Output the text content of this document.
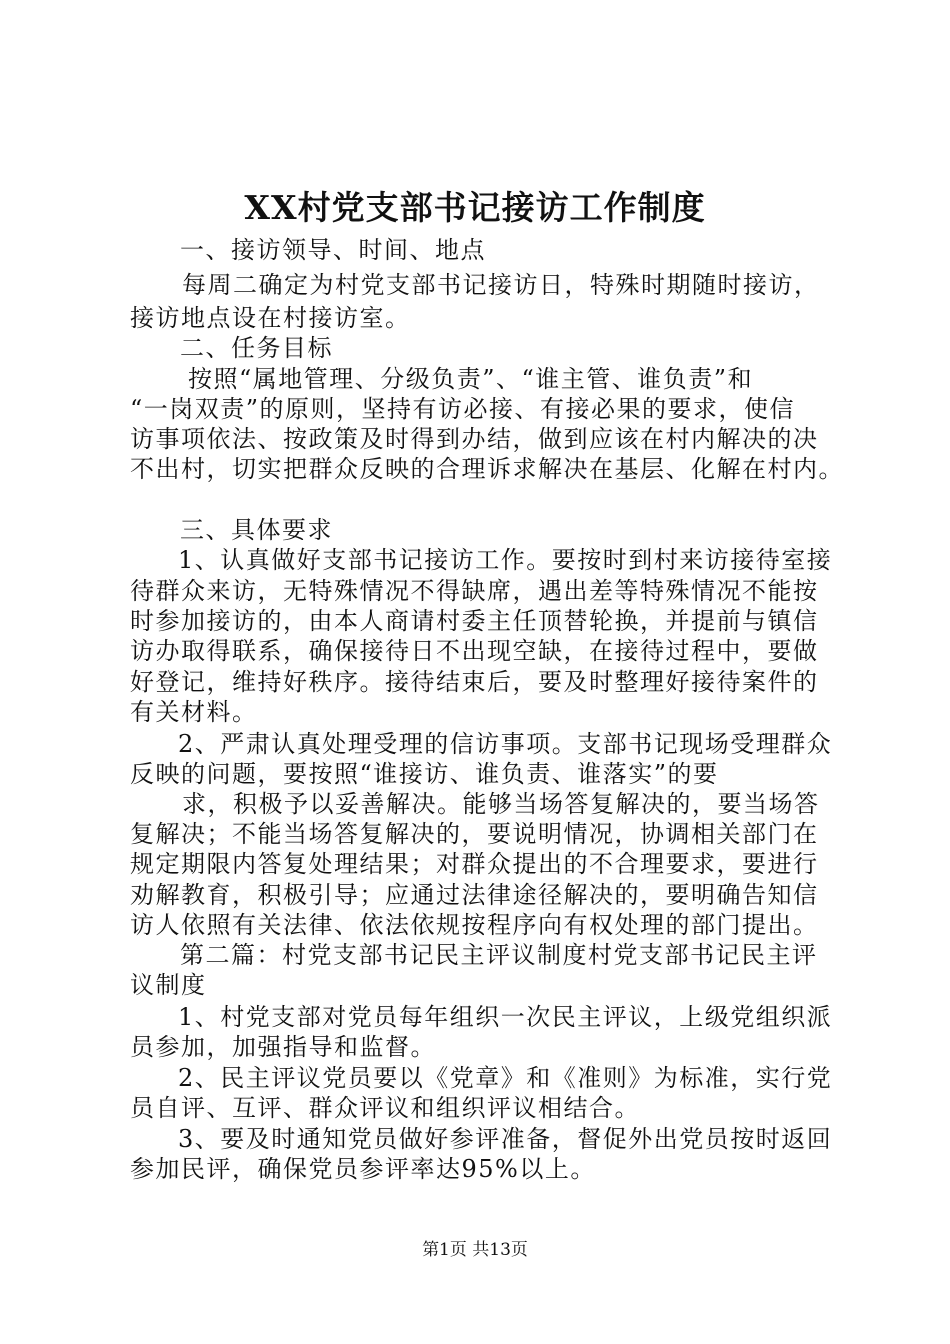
XX村党支部书记接访工作制度
一、接访领导、时间、地点
每周二确定为村党支部书记接访日，特殊时期随时接访，
接访地点设在村接访室。
二、任务目标
按照“属地管理、分级负责”、“谁主管、谁负责”和
“一岗双责”的原则，坚持有访必接、有接必果的要求，使信
访事项依法、按政策及时得到办结，做到应该在村内解决的决
不出村，切实把群众反映的合理诉求解决在基层、化解在村内。
三、具体要求
1、认真做好支部书记接访工作。要按时到村来访接待室接
待群众来访，无特殊情况不得缺席，遇出差等特殊情况不能按
时参加接访的，由本人商请村委主任顶替轮换，并提前与镇信
访办取得联系，确保接待日不出现空缺，在接待过程中，要做
好登记，维持好秩序。接待结束后，要及时整理好接待案件的
有关材料。
2、严肃认真处理受理的信访事项。支部书记现场受理群众
反映的问题，要按照“谁接访、谁负责、谁落实”的要
求，积极予以妥善解决。能够当场答复解决的，要当场答
复解决；不能当场答复解决的，要说明情况，协调相关部门在
规定期限内答复处理结果；对群众提出的不合理要求，要进行
劝解教育，积极引导；应通过法律途径解决的，要明确告知信
访人依照有关法律、依法依规按程序向有权处理的部门提出。
第二篇：村党支部书记民主评议制度村党支部书记民主评
议制度
1、村党支部对党员每年组织一次民主评议，上级党组织派
员参加，加强指导和监督。
2、民主评议党员要以《党章》和《准则》为标准，实行党
员自评、互评、群众评议和组织评议相结合。
3、要及时通知党员做好参评准备，督促外出党员按时返回
参加民评，确保党员参评率达95%以上。
第1页 共13页
